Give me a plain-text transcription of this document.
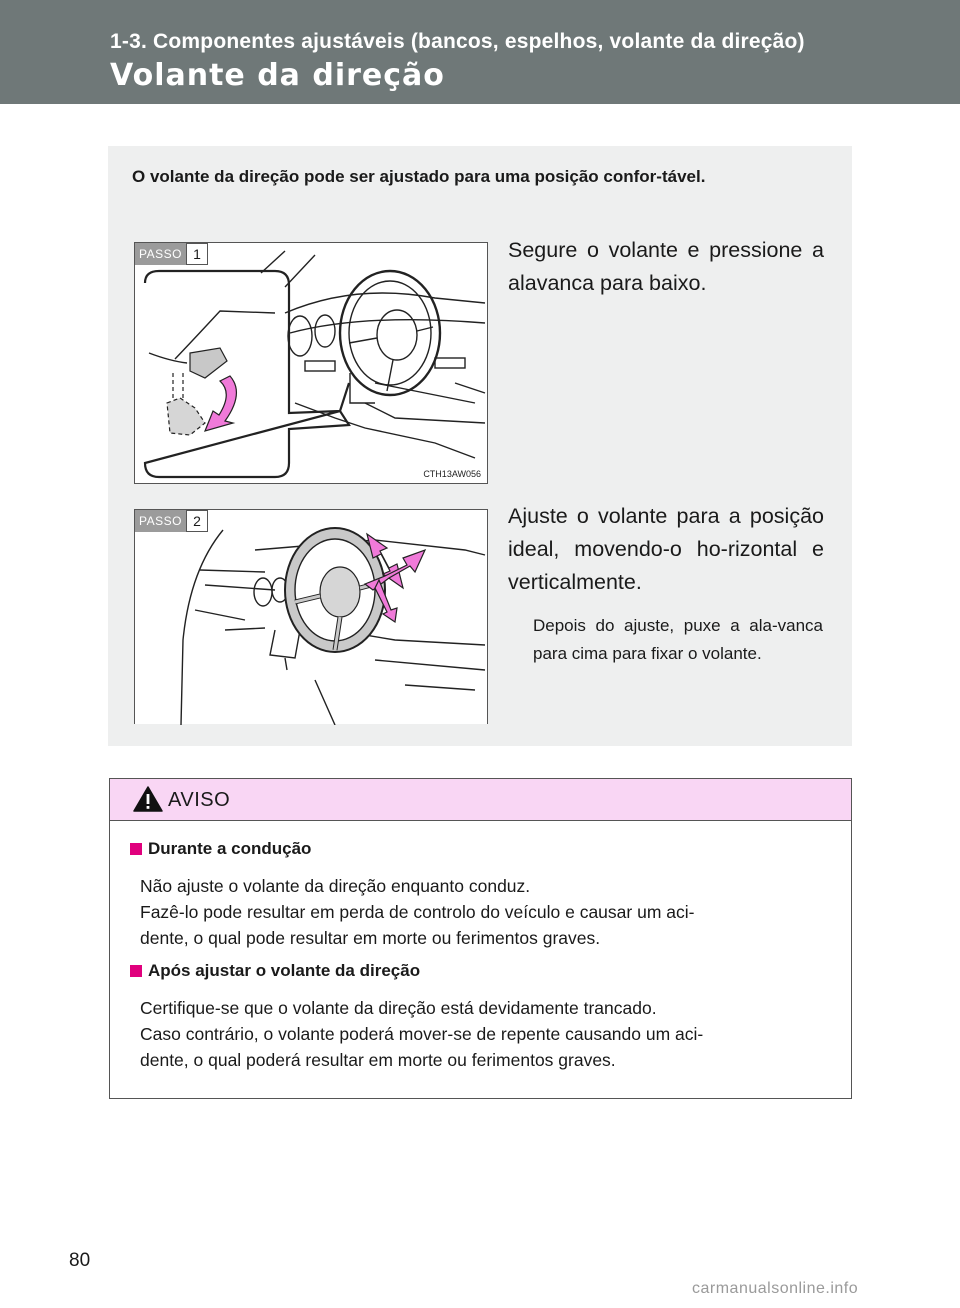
1-3. Componentes ajustáveis (bancos, espelhos, volante da direção)
Volante da direção
O volante da direção pode ser ajustado para uma posição confor-tável.
PASSO 1
CTH13AW056
Segure o volante e pressione a alavanca para baixo.
PASSO 2	Ajuste o volante para a posição ideal, movendo-o ho-rizontal e verticalmente.
Depois do ajuste, puxe a ala-vanca para cima para fixar o volante.
AVISO
Durante a condução
Não ajuste o volante da direção enquanto conduz.
Fazê-lo pode resultar em perda de controlo do veículo e causar um aci-
dente, o qual pode resultar em morte ou ferimentos graves.
Após ajustar o volante da direção
Certifique-se que o volante da direção está devidamente trancado.
Caso contrário, o volante poderá mover-se de repente causando um aci-
dente, o qual poderá resultar em morte ou ferimentos graves.
80
carmanualsonline.info
